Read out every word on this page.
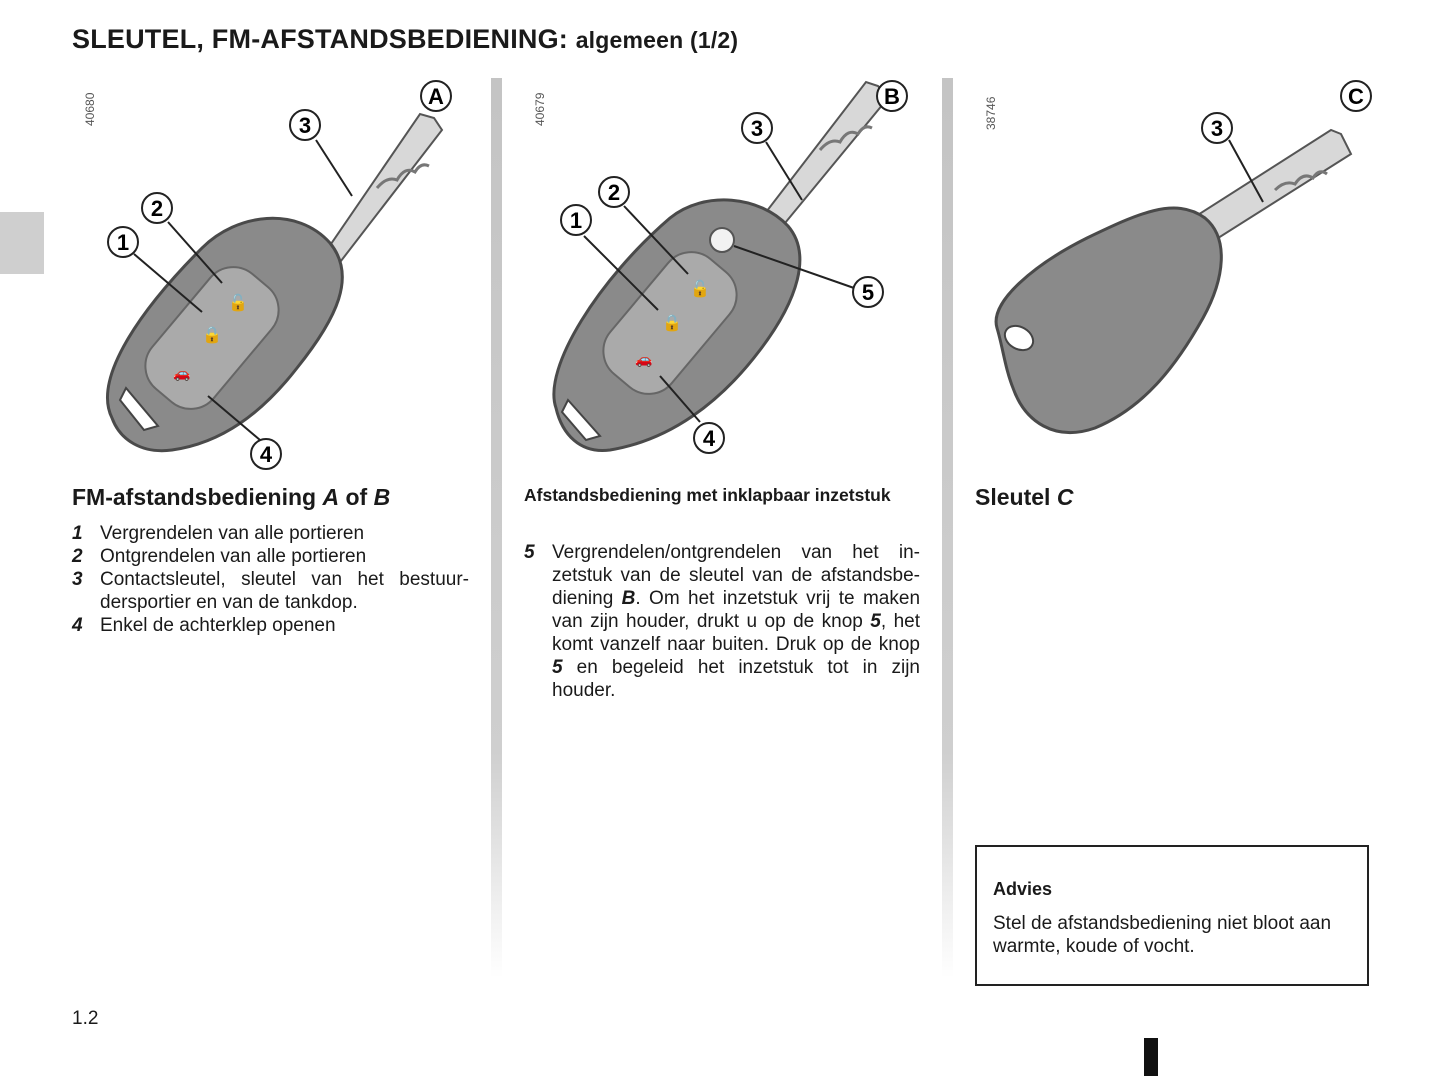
SLEUTEL, FM-AFSTANDSBEDIENING: algemeen (1/2)
40680
🔓
🔒
🚗
1
2
3
4
A	40679
🔓
🔒
🚗
1
2
3
4
5
B
38746	3
C
FM-afstandsbediening A of B
1 Vergrendelen van alle portieren
2 Ontgrendelen van alle portieren
3 Contactsleutel, sleutel van het bestuur-dersportier en van de tankdop.
4 Enkel de achterklep openen
Afstandsbediening met inklapbaar inzetstuk
5 Vergrendelen/ontgrendelen van het in-zetstuk van de sleutel van de afstandsbe-diening B. Om het inzetstuk vrij te maken van zijn houder, drukt u op de knop 5, het komt vanzelf naar buiten. Druk op de knop 5 en begeleid het inzetstuk tot in zijn houder.
Sleutel C
Advies
Stel de afstandsbediening niet bloot aan warmte, koude of vocht.
1.2
